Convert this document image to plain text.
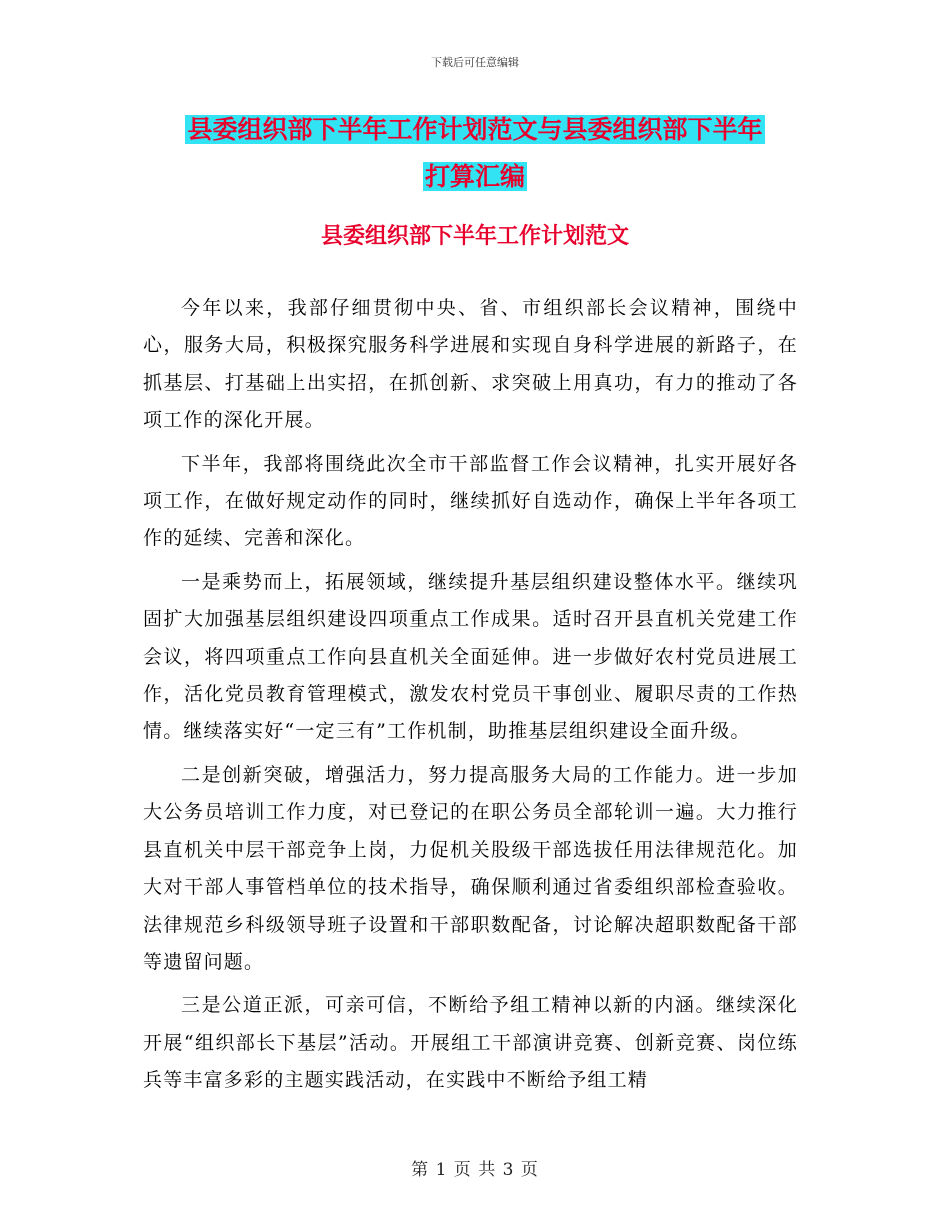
下载后可任意编辑
县委组织部下半年工作计划范文与县委组织部下半年
打算汇编
县委组织部下半年工作计划范文

今年以来，我部仔细贯彻中央、省、市组织部长会议精神，围绕中心，服务大局，积极探究服务科学进展和实现自身科学进展的新路子，在抓基层、打基础上出实招，在抓创新、求突破上用真功，有力的推动了各项工作的深化开展。

下半年，我部将围绕此次全市干部监督工作会议精神，扎实开展好各项工作，在做好规定动作的同时，继续抓好自选动作，确保上半年各项工作的延续、完善和深化。

一是乘势而上，拓展领域，继续提升基层组织建设整体水平。继续巩固扩大加强基层组织建设四项重点工作成果。适时召开县直机关党建工作会议，将四项重点工作向县直机关全面延伸。进一步做好农村党员进展工作，活化党员教育管理模式，激发农村党员干事创业、履职尽责的工作热情。继续落实好“一定三有”工作机制，助推基层组织建设全面升级。

二是创新突破，增强活力，努力提高服务大局的工作能力。进一步加大公务员培训工作力度，对已登记的在职公务员全部轮训一遍。大力推行县直机关中层干部竞争上岗，力促机关股级干部选拔任用法律规范化。加大对干部人事管档单位的技术指导，确保顺利通过省委组织部检查验收。法律规范乡科级领导班子设置和干部职数配备，讨论解决超职数配备干部等遗留问题。

三是公道正派，可亲可信，不断给予组工精神以新的内涵。继续深化开展“组织部长下基层”活动。开展组工干部演讲竞赛、创新竞赛、岗位练兵等丰富多彩的主题实践活动，在实践中不断给予组工精

第 1 页 共 3 页
